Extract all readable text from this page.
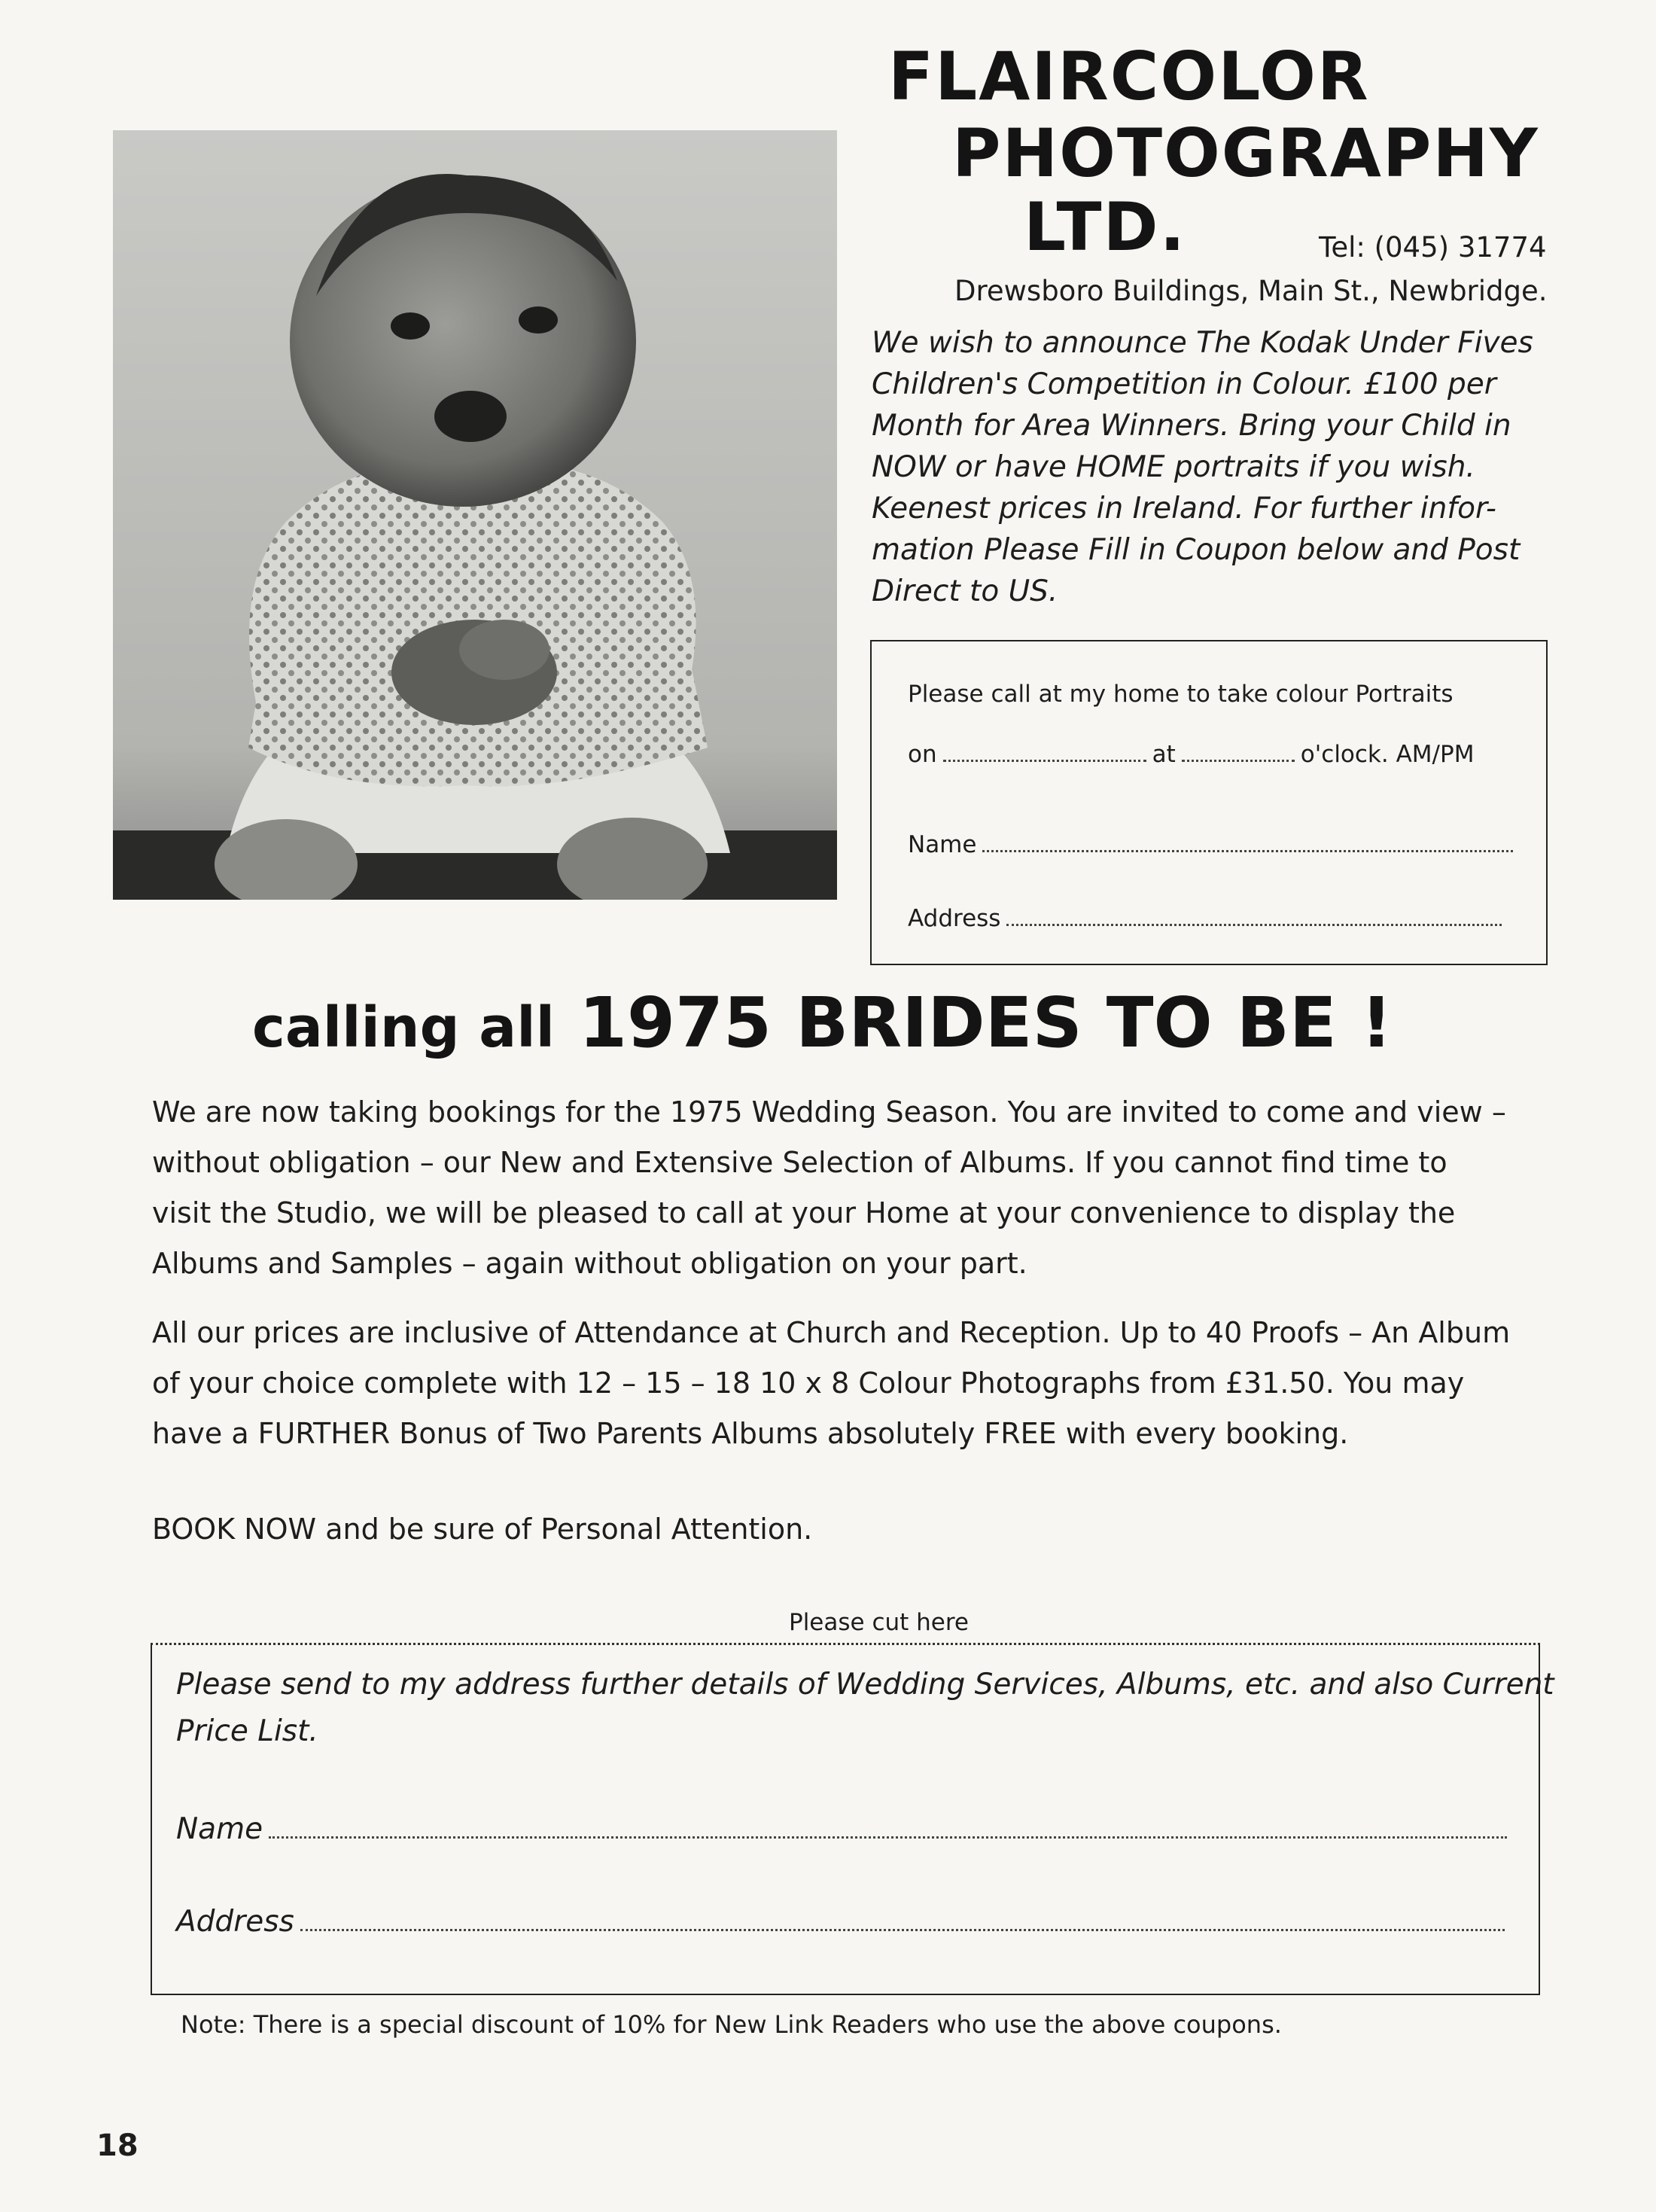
FLAIRCOLOR
PHOTOGRAPHY
LTD.	Tel: (045) 31774
Drewsboro Buildings, Main St., Newbridge.
We wish to announce The Kodak Under Fives
Children's Competition in Colour. £100 per
Month for Area Winners. Bring your Child in
NOW or have HOME portraits if you wish.
Keenest prices in Ireland. For further infor-
mation Please Fill in Coupon below and Post
Direct to US.
Please call at my home to take colour Portraits
on	at	o'clock. AM/PM
Name
Address
calling all 1975 BRIDES TO BE !
We are now taking bookings for the 1975 Wedding Season. You are invited to come and view –
without obligation – our New and Extensive Selection of Albums. If you cannot find time to
visit the Studio, we will be pleased to call at your Home at your convenience to display the
Albums and Samples – again without obligation on your part.
All our prices are inclusive of Attendance at Church and Reception. Up to 40 Proofs – An Album
of your choice complete with 12 – 15 – 18 10 x 8 Colour Photographs from £31.50. You may
have a FURTHER Bonus of Two Parents Albums absolutely FREE with every booking.
BOOK NOW and be sure of Personal Attention.
Please cut here
Please send to my address further details of Wedding Services, Albums, etc. and also Current
Price List.
Name
Address
Note: There is a special discount of 10% for New Link Readers who use the above coupons.
18
